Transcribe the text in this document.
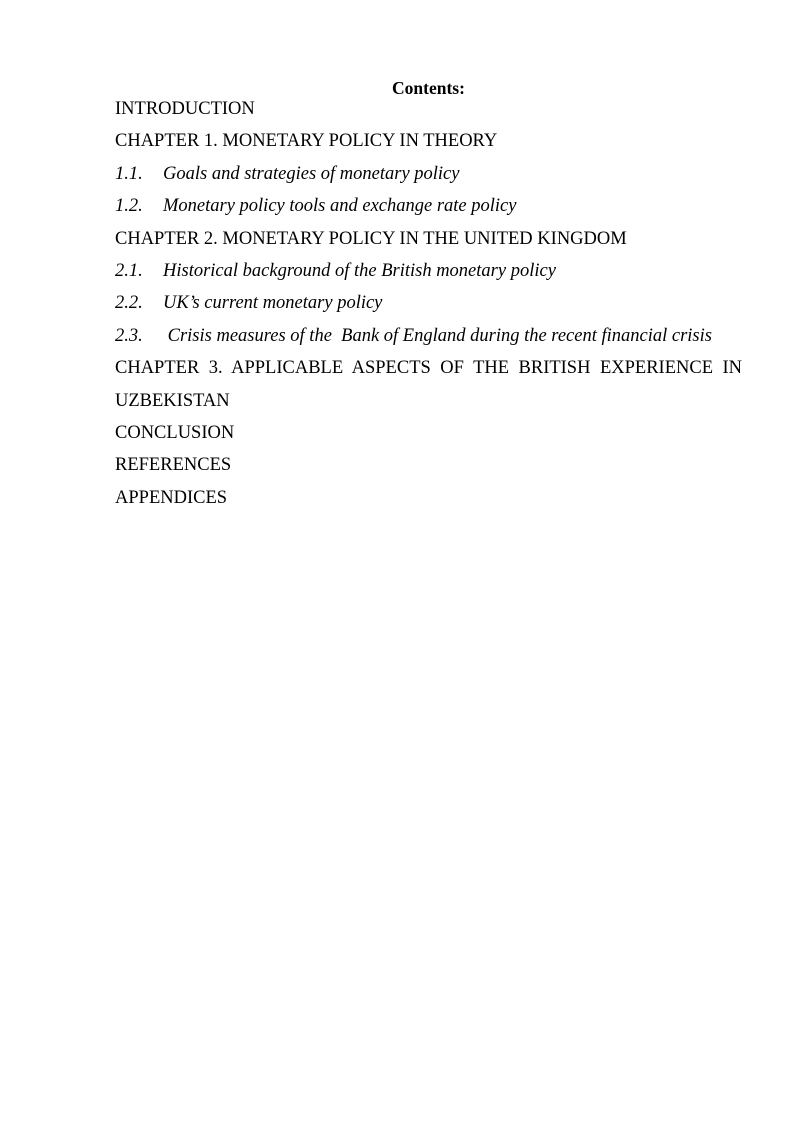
Contents:
INTRODUCTION
CHAPTER 1. MONETARY POLICY IN THEORY
1.1. Goals and strategies of monetary policy
1.2. Monetary policy tools and exchange rate policy
CHAPTER 2. MONETARY POLICY IN THE UNITED KINGDOM
2.1. Historical background of the British monetary policy
2.2. UK’s current monetary policy
2.3. Crisis measures of the  Bank of England during the recent financial crisis
CHAPTER 3. APPLICABLE ASPECTS OF THE BRITISH EXPERIENCE IN
UZBEKISTAN
CONCLUSION
REFERENCES
APPENDICES
